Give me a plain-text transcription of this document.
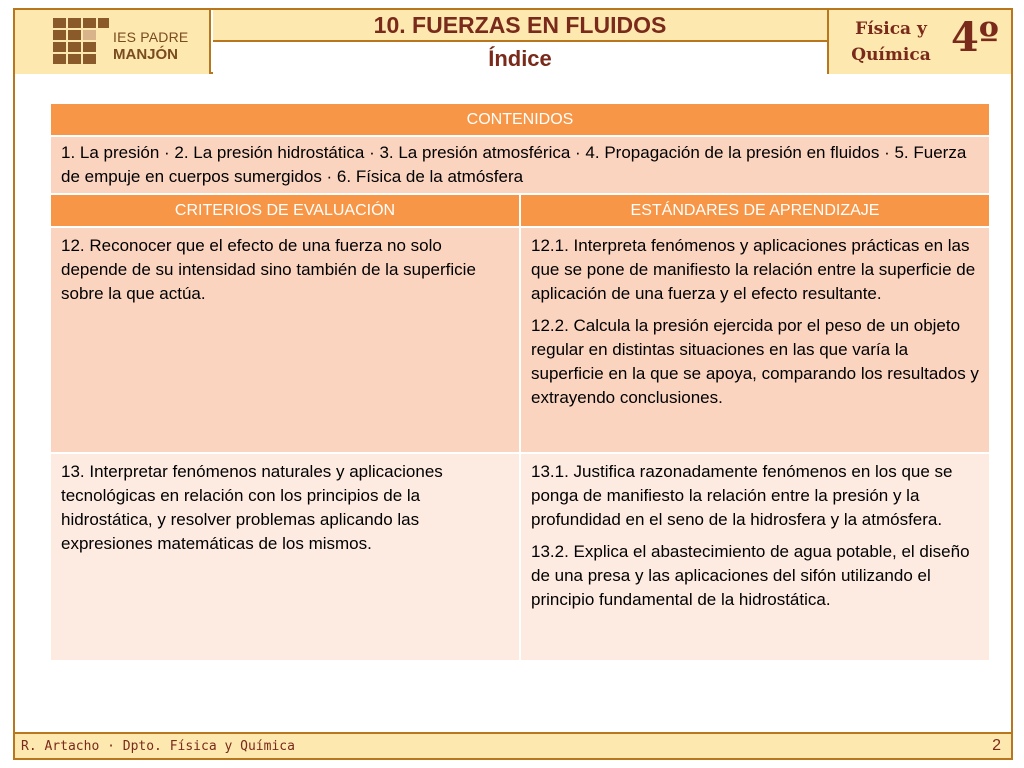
IES PADRE
MANJÓN
10. FUERZAS EN FLUIDOS
Índice
Física y
Química 4º
CONTENIDOS	
1. La presión · 2. La presión hidrostática · 3. La presión atmosférica · 4. Propagación de la presión en fluidos · 5. Fuerza de empuje en cuerpos sumergidos · 6. Física de la atmósfera	
CRITERIOS DE EVALUACIÓN	ESTÁNDARES DE APRENDIZAJE
12. Reconocer que el efecto de una fuerza no solo depende de su intensidad sino también de la superficie sobre la que actúa.	12.1. Interpreta fenómenos y aplicaciones prácticas en las que se pone de manifiesto la relación entre la superficie de aplicación de una fuerza y el efecto resultante.

12.2. Calcula la presión ejercida por el peso de un objeto regular en distintas situaciones en las que varía la superficie en la que se apoya, comparando los resultados y extrayendo conclusiones.

13. Interpretar fenómenos naturales y aplicaciones tecnológicas en relación con los principios de la hidrostática, y resolver problemas aplicando las expresiones matemáticas de los mismos.	13.1. Justifica razonadamente fenómenos en los que se ponga de manifiesto la relación entre la presión y la profundidad en el seno de la hidrosfera y la atmósfera.

13.2. Explica el abastecimiento de agua potable, el diseño de una presa y las aplicaciones del sifón utilizando el principio fundamental de la hidrostática.

R. Artacho · Dpto. Física y Química	2
